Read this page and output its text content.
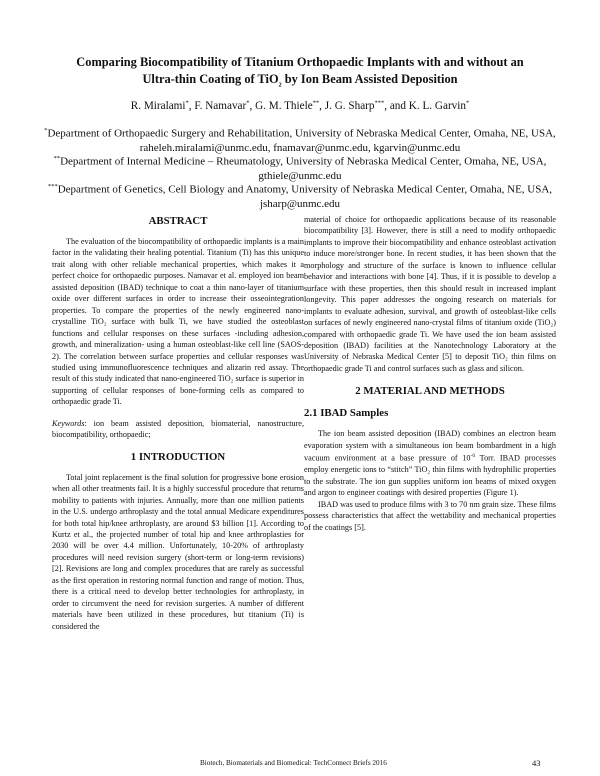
Comparing Biocompatibility of Titanium Orthopaedic Implants with and without an
Ultra-thin Coating of TiO$_2$ by Ion Beam Assisted Deposition
R. Miralami*, F. Namavar*, G. M. Thiele**, J. G. Sharp***, and K. L. Garvin*
*Department of Orthopaedic Surgery and Rehabilitation, University of Nebraska Medical Center, Omaha, NE, USA, raheleh.miralami@unmc.edu, fnamavar@unmc.edu, kgarvin@unmc.edu
**Department of Internal Medicine – Rheumatology, University of Nebraska Medical Center, Omaha, NE, USA, gthiele@unmc.edu
***Department of Genetics, Cell Biology and Anatomy, University of Nebraska Medical Center, Omaha, NE, USA, jsharp@unmc.edu

ABSTRACT

The evaluation of the biocompatibility of orthopaedic implants is a main factor in the validating their healing potential. Titanium (Ti) has this unique trait along with other reliable mechanical properties, which makes it a perfect choice for orthopaedic purposes. Namavar et al. employed ion beam assisted deposition (IBAD) technique to coat a thin nano-layer of titanium oxide over different surfaces in order to increase their osseointegration properties. To compare the properties of the newly engineered nano-crystalline TiO₂ surface with bulk Ti, we have studied the osteoblast functions and cellular responses on these surfaces -including adhesion, growth, and mineralization- using a human osteoblast-like cell line (SAOS-2). The correlation between surface properties and cellular responses was studied using immunofluorescence techniques and alizarin red assay. The result of this study indicated that nano-engineered TiO₂ surface is superior in supporting of cellular responses of bone-forming cells as compared to orthopaedic grade Ti.

Keywords: ion beam assisted deposition, biomaterial, nanostructure, biocompatibility, orthopaedic;

1 INTRODUCTION

Total joint replacement is the final solution for progressive bone erosion when all other treatments fail. It is a highly successful procedure that returns mobility to patients with injuries. Annually, more than one million patients in the U.S. undergo arthroplasty and the total annual Medicare expenditures for both total hip/knee arthroplasty, are around $3 billion [1]. According to Kurtz et al., the projected number of total hip and knee arthroplasties for 2030 will be over 4.4 million. Unfortunately, 10-20% of arthroplasty procedures will need revision surgery (short-term or long-term revisions) [2]. Revisions are long and complex procedures that are rarely as successful as the first operation in restoring normal function and range of motion. Thus, there is a critical need to develop better technologies for arthroplasty, in order to circumvent the need for revision surgeries. A number of different materials have been utilized in these procedures, but titanium (Ti) is considered the

material of choice for orthopaedic applications because of its reasonable biocompatibility [3]. However, there is still a need to modify orthopaedic implants to improve their biocompatibility and enhance osteoblast activation to induce more/stronger bone. In recent studies, it has been shown that the morphology and structure of the surface is known to influence cellular behavior and interactions with bone [4]. Thus, if it is possible to develop a surface with these properties, then this should result in increased implant longevity. This paper addresses the ongoing research on materials for implants to evaluate adhesion, survival, and growth of osteoblast-like cells on surfaces of newly engineered nano-crystal films of titanium oxide (TiO₂) compared with orthopaedic grade Ti. We have used the ion beam assisted deposition (IBAD) facilities at the Nanotechnology Laboratory at the University of Nebraska Medical Center [5] to deposit TiO₂ thin films on orthopaedic grade Ti and control surfaces such as glass and silicon.

2 MATERIAL AND METHODS

2.1 IBAD Samples

The ion beam assisted deposition (IBAD) combines an electron beam evaporation system with a simultaneous ion beam bombardment in a high vacuum environment at a base pressure of $10^{-6}$ Torr. IBAD processes employ energetic ions to “stitch” TiO₂ thin films with hydrophilic properties to the substrate. The ion gun supplies uniform ion beams of mixed oxygen and argon to engineer coatings with desired properties (Figure 1).

IBAD was used to produce films with 3 to 70 nm grain size. These films possess characteristics that affect the wettability and mechanical properties of the coatings [5].

Biotech, Biomaterials and Biomedical: TechConnect Briefs 2016	43
